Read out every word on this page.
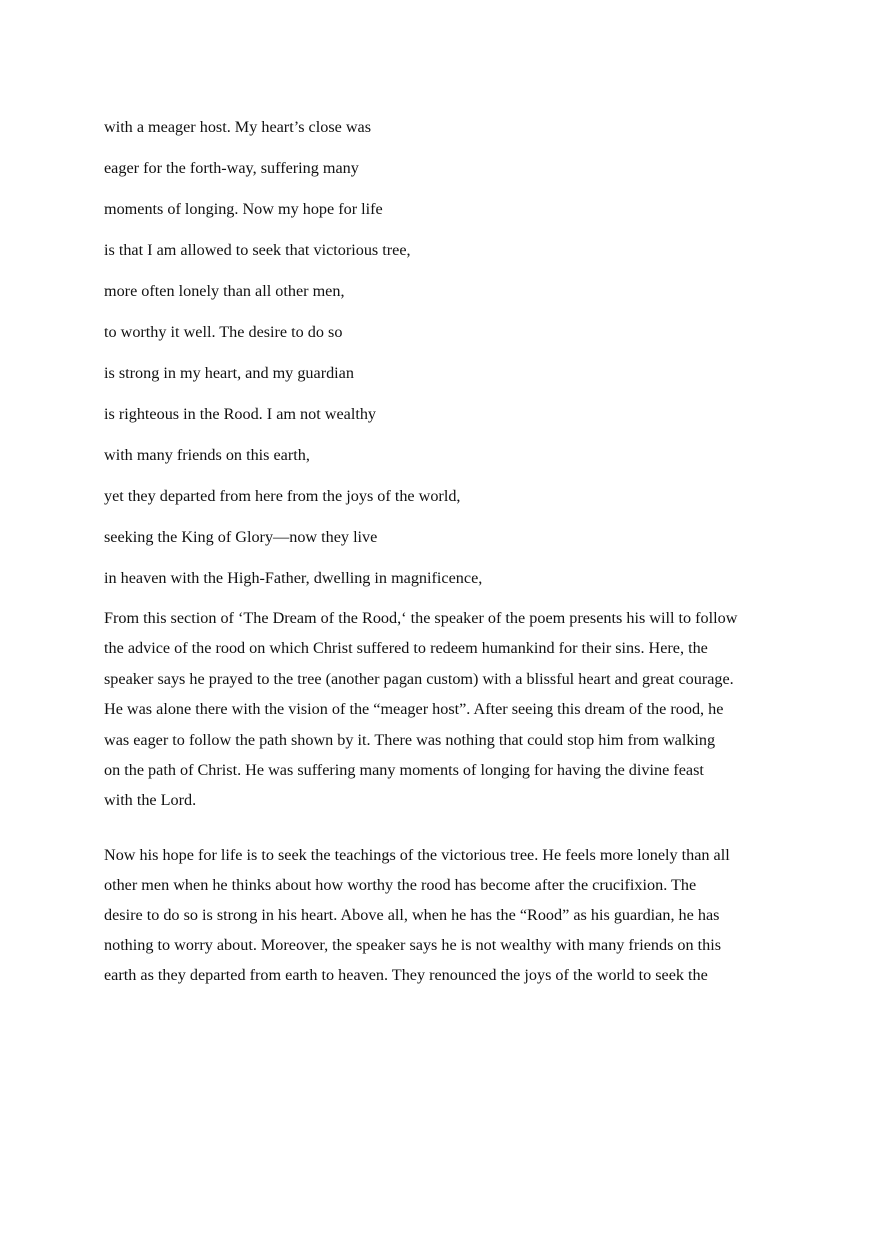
with a meager host. My heart’s close was
eager for the forth-way, suffering many
moments of longing. Now my hope for life
is that I am allowed to seek that victorious tree,
more often lonely than all other men,
to worthy it well. The desire to do so
is strong in my heart, and my guardian
is righteous in the Rood. I am not wealthy
with many friends on this earth,
yet they departed from here from the joys of the world,
seeking the King of Glory—now they live
in heaven with the High-Father, dwelling in magnificence,
From this section of ‘The Dream of the Rood,‘ the speaker of the poem presents his will to follow
the advice of the rood on which Christ suffered to redeem humankind for their sins. Here, the
speaker says he prayed to the tree (another pagan custom) with a blissful heart and great courage.
He was alone there with the vision of the “meager host”. After seeing this dream of the rood, he
was eager to follow the path shown by it. There was nothing that could stop him from walking
on the path of Christ. He was suffering many moments of longing for having the divine feast
with the Lord.
Now his hope for life is to seek the teachings of the victorious tree. He feels more lonely than all
other men when he thinks about how worthy the rood has become after the crucifixion. The
desire to do so is strong in his heart. Above all, when he has the “Rood” as his guardian, he has
nothing to worry about. Moreover, the speaker says he is not wealthy with many friends on this
earth as they departed from earth to heaven. They renounced the joys of the world to seek the
